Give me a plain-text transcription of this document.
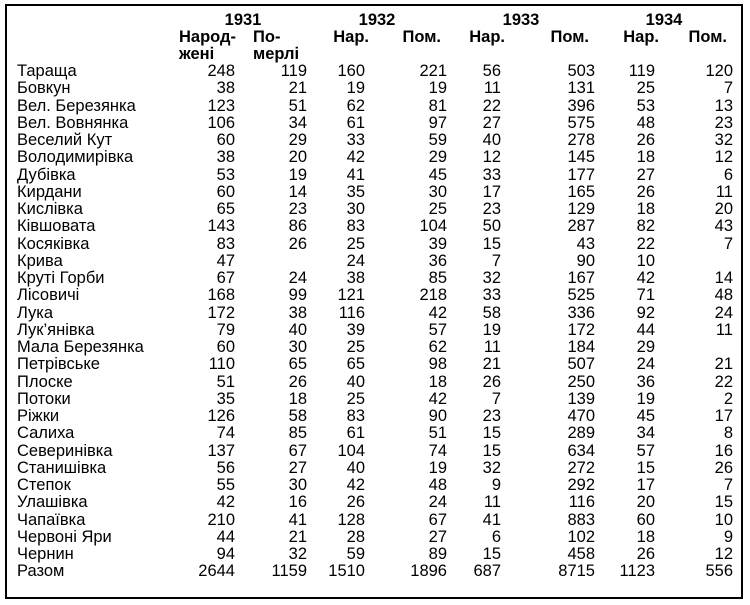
	1931		1932		1933		1934	
	Народ-
жені	По-
мерлі	Нар.	Пом.	Нар.	Пом.	Нар.	Пом.
Тараща	248	119	160	221	56	503	119	120
Бовкун	38	21	19	19	11	131	25	7
Вел. Березянка	123	51	62	81	22	396	53	13
Вел. Вовнянка	106	34	61	97	27	575	48	23
Веселий Кут	60	29	33	59	40	278	26	32
Володимирівка	38	20	42	29	12	145	18	12
Дубівка	53	19	41	45	33	177	27	6
Кирдани	60	14	35	30	17	165	26	11
Кислівка	65	23	30	25	23	129	18	20
Ківшовата	143	86	83	104	50	287	82	43
Косяківка	83	26	25	39	15	43	22	7
Крива	47		24	36	7	90	10	
Круті Горби	67	24	38	85	32	167	42	14
Лісовичі	168	99	121	218	33	525	71	48
Лука	172	38	116	42	58	336	92	24
Лук’янівка	79	40	39	57	19	172	44	11
Мала Березянка	60	30	25	62	11	184	29	
Петрівське	110	65	65	98	21	507	24	21
Плоске	51	26	40	18	26	250	36	22
Потоки	35	18	25	42	7	139	19	2
Ріжки	126	58	83	90	23	470	45	17
Салиха	74	85	61	51	15	289	34	8
Северинівка	137	67	104	74	15	634	57	16
Станишівка	56	27	40	19	32	272	15	26
Степок	55	30	42	48	9	292	17	7
Улашівка	42	16	26	24	11	116	20	15
Чапаївка	210	41	128	67	41	883	60	10
Червоні Яри	44	21	28	27	6	102	18	9
Чернин	94	32	59	89	15	458	26	12
Разом	2644	1159	1510	1896	687	8715	1123	556
